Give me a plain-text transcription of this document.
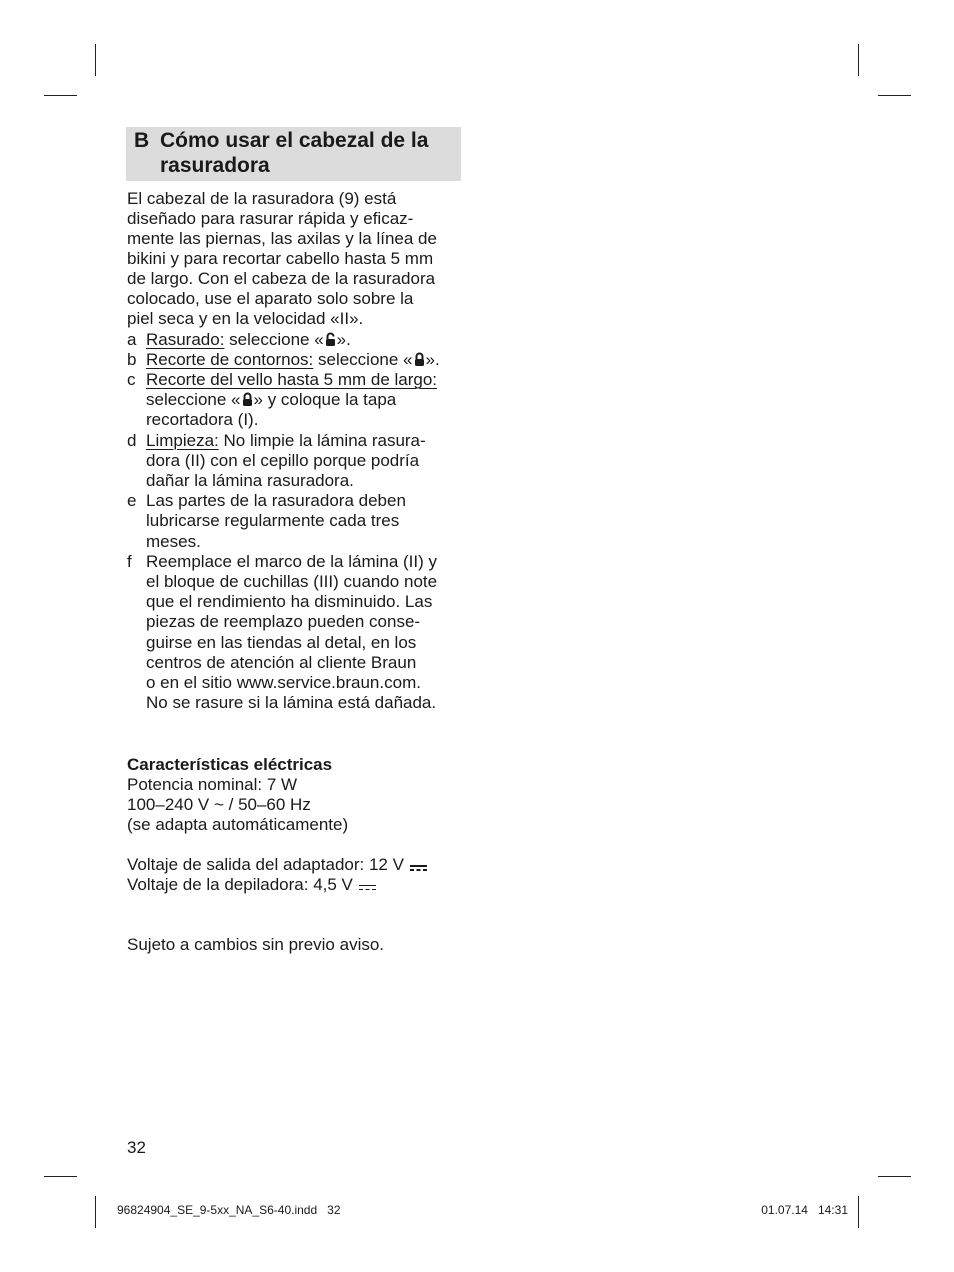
B Cómo usar el cabezal de la
rasuradora
El cabezal de la rasuradora (9) está
diseñado para rasurar rápida y eficaz-
mente las piernas, las axilas y la línea de
bikini y para recortar cabello hasta 5 mm
de largo. Con el cabeza de la rasuradora
colocado, use el aparato solo sobre la
piel seca y en la velocidad «II».
a Rasurado: seleccione « ».
b Recorte de contornos: seleccione « ».
c Recorte del vello hasta 5 mm de largo:
seleccione « » y coloque la tapa
recortadora (I).
d Limpieza: No limpie la lámina rasura-
dora (II) con el cepillo porque podría
dañar la lámina rasuradora.
e Las partes de la rasuradora deben
lubricarse regularmente cada tres
meses.
f Reemplace el marco de la lámina (II) y
el bloque de cuchillas (III) cuando note
que el rendimiento ha disminuido. Las
piezas de reemplazo pueden conse-
guirse en las tiendas al detal, en los
centros de atención al cliente Braun
o en el sitio www.service.braun.com.
No se rasure si la lámina está dañada.
Características eléctricas
Potencia nominal: 7 W
100–240 V ~ / 50–60 Hz
(se adapta automáticamente)
Voltaje de salida del adaptador: 12 V
Voltaje de la depiladora: 4,5 V
Sujeto a cambios sin previo aviso.
32
96824904_SE_9-5xx_NA_S6-40.indd   32	01.07.14   14:31
